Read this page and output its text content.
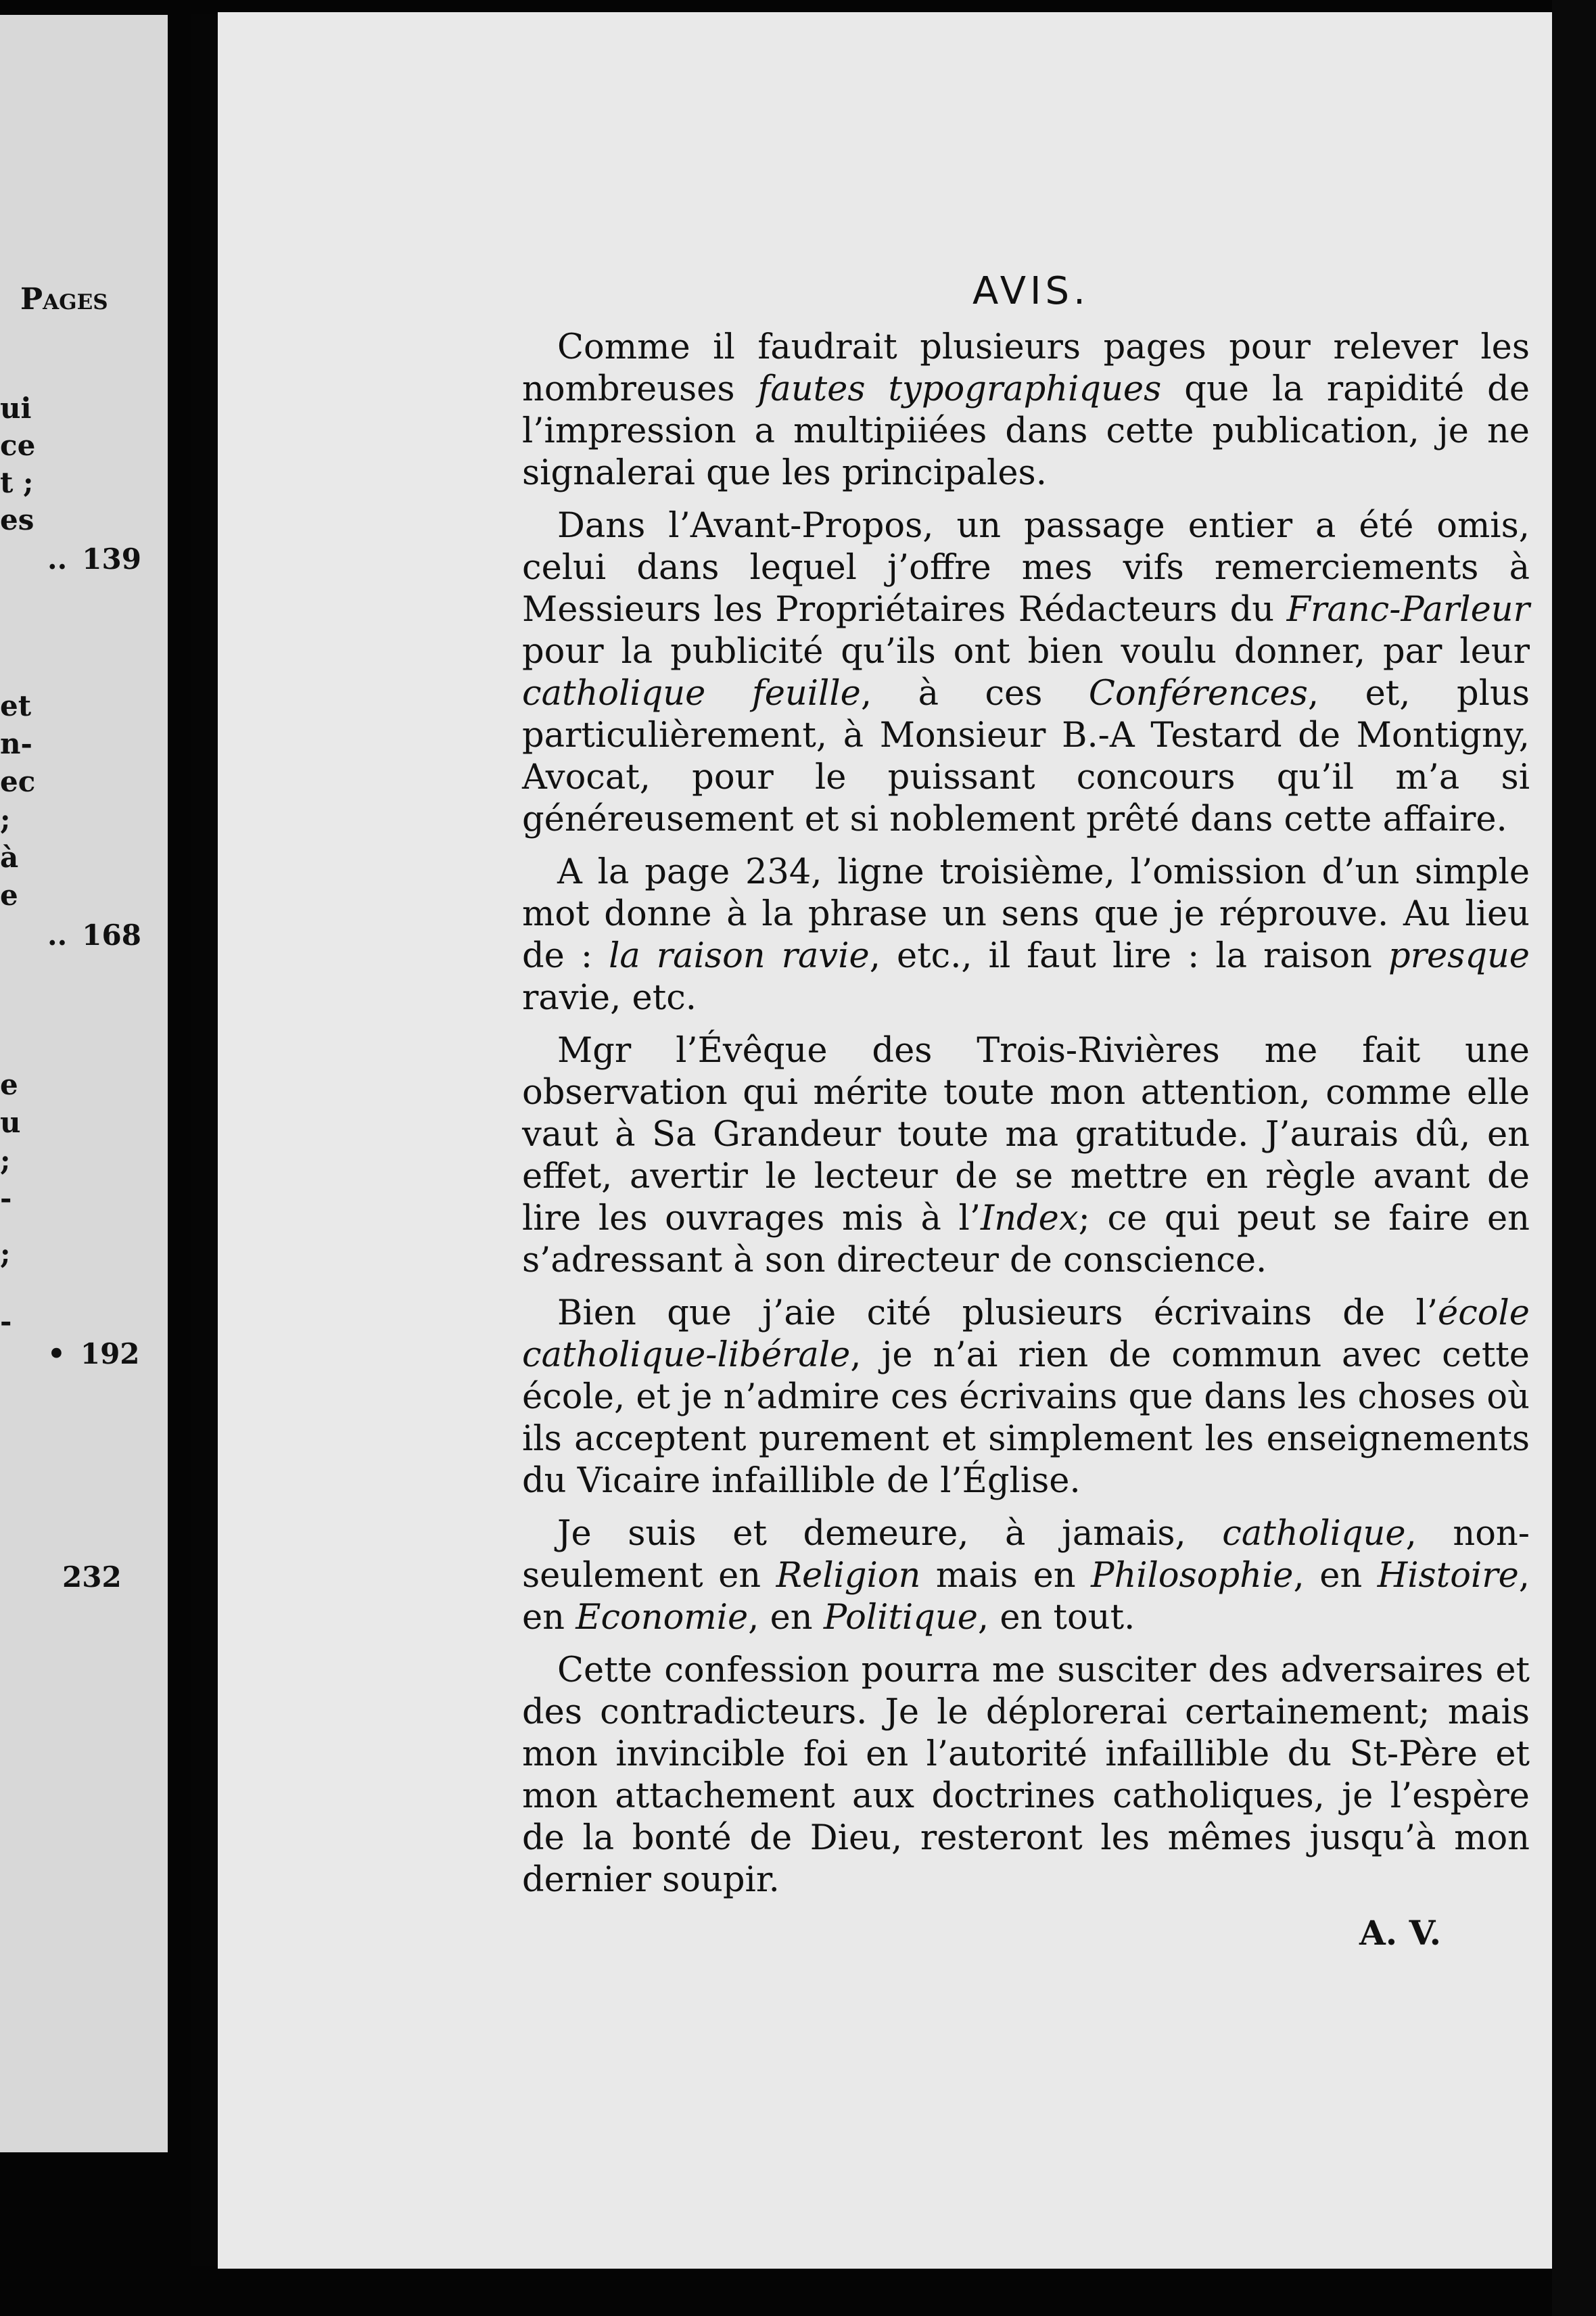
Pages
ui
ce
t ;
es
et
n-
ec
;
à
e
e
u
;
-
;
-
.. 139
.. 168
• 192
232
AVIS.

Comme il faudrait plusieurs pages pour relever les nombreuses fautes typographiques que la rapidité de l’impression a multipiiées dans cette publication, je ne signalerai que les principales.

Dans l’Avant-Propos, un passage entier a été omis, celui dans lequel j’offre mes vifs remerciements à Messieurs les Propriétaires Rédacteurs du Franc-Parleur pour la publicité qu’ils ont bien voulu donner, par leur catholique feuille, à ces Conférences, et, plus particulièrement, à Monsieur B.-A Testard de Montigny, Avocat, pour le puissant concours qu’il m’a si généreusement et si noblement prêté dans cette affaire.

A la page 234, ligne troisième, l’omission d’un simple mot donne à la phrase un sens que je réprouve. Au lieu de : la raison ravie, etc., il faut lire : la raison presque ravie, etc.

Mgr l’Évêque des Trois-Rivières me fait une observation qui mérite toute mon attention, comme elle vaut à Sa Grandeur toute ma gratitude. J’aurais dû, en effet, avertir le lecteur de se mettre en règle avant de lire les ouvrages mis à l’Index; ce qui peut se faire en s’adressant à son directeur de conscience.

Bien que j’aie cité plusieurs écrivains de l’école catholique-libérale, je n’ai rien de commun avec cette école, et je n’admire ces écrivains que dans les choses où ils acceptent purement et simplement les enseignements du Vicaire infaillible de l’Église.

Je suis et demeure, à jamais, catholique, non-seulement en Religion mais en Philosophie, en Histoire, en Economie, en Politique, en tout.

Cette confession pourra me susciter des adversaires et des contradicteurs. Je le déplorerai certainement; mais mon invincible foi en l’autorité infaillible du St-Père et mon attachement aux doctrines catholiques, je l’espère de la bonté de Dieu, resteront les mêmes jusqu’à mon dernier soupir.

A. V.
